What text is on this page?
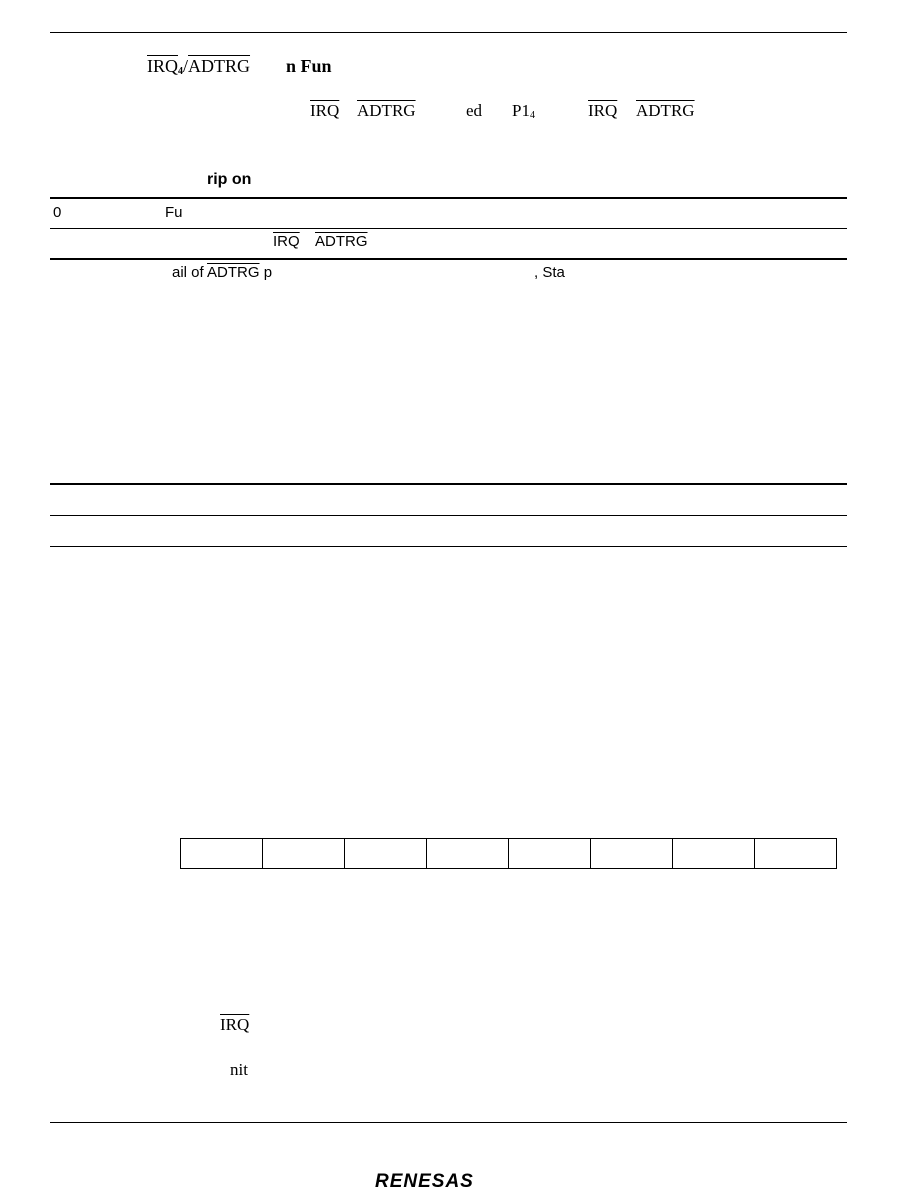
$\overline{IRQ}_4$/ADTRG n Fun
$\overline{IRQ}$ ADTRG	ed $P1_4$	$\overline{IRQ}$ ADTRG
rip on
0	Fu
$\overline{IRQ}$ ADTRG
ail of ADTRG p	, Sta

$\overline{IRQ}$
nit
RENESAS
